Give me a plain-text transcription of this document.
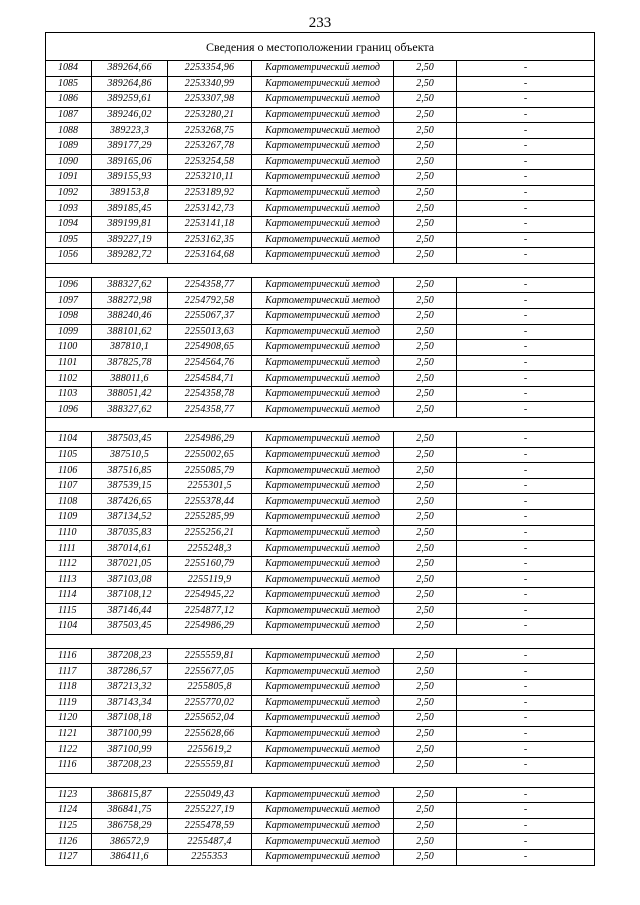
233
Сведения о местоположении границ объекта					
1084	389264,66	2253354,96	Картометрический метод	2,50	-
1085	389264,86	2253340,99	Картометрический метод	2,50	-
1086	389259,61	2253307,98	Картометрический метод	2,50	-
1087	389246,02	2253280,21	Картометрический метод	2,50	-
1088	389223,3	2253268,75	Картометрический метод	2,50	-
1089	389177,29	2253267,78	Картометрический метод	2,50	-
1090	389165,06	2253254,58	Картометрический метод	2,50	-
1091	389155,93	2253210,11	Картометрический метод	2,50	-
1092	389153,8	2253189,92	Картометрический метод	2,50	-
1093	389185,45	2253142,73	Картометрический метод	2,50	-
1094	389199,81	2253141,18	Картометрический метод	2,50	-
1095	389227,19	2253162,35	Картометрический метод	2,50	-
1056	389282,72	2253164,68	Картометрический метод	2,50	-

1096	388327,62	2254358,77	Картометрический метод	2,50	-
1097	388272,98	2254792,58	Картометрический метод	2,50	-
1098	388240,46	2255067,37	Картометрический метод	2,50	-
1099	388101,62	2255013,63	Картометрический метод	2,50	-
1100	387810,1	2254908,65	Картометрический метод	2,50	-
1101	387825,78	2254564,76	Картометрический метод	2,50	-
1102	388011,6	2254584,71	Картометрический метод	2,50	-
1103	388051,42	2254358,78	Картометрический метод	2,50	-
1096	388327,62	2254358,77	Картометрический метод	2,50	-

1104	387503,45	2254986,29	Картометрический метод	2,50	-
1105	387510,5	2255002,65	Картометрический метод	2,50	-
1106	387516,85	2255085,79	Картометрический метод	2,50	-
1107	387539,15	2255301,5	Картометрический метод	2,50	-
1108	387426,65	2255378,44	Картометрический метод	2,50	-
1109	387134,52	2255285,99	Картометрический метод	2,50	-
1110	387035,83	2255256,21	Картометрический метод	2,50	-
1111	387014,61	2255248,3	Картометрический метод	2,50	-
1112	387021,05	2255160,79	Картометрический метод	2,50	-
1113	387103,08	2255119,9	Картометрический метод	2,50	-
1114	387108,12	2254945,22	Картометрический метод	2,50	-
1115	387146,44	2254877,12	Картометрический метод	2,50	-
1104	387503,45	2254986,29	Картометрический метод	2,50	-

1116	387208,23	2255559,81	Картометрический метод	2,50	-
1117	387286,57	2255677,05	Картометрический метод	2,50	-
1118	387213,32	2255805,8	Картометрический метод	2,50	-
1119	387143,34	2255770,02	Картометрический метод	2,50	-
1120	387108,18	2255652,04	Картометрический метод	2,50	-
1121	387100,99	2255628,66	Картометрический метод	2,50	-
1122	387100,99	2255619,2	Картометрический метод	2,50	-
1116	387208,23	2255559,81	Картометрический метод	2,50	-

1123	386815,87	2255049,43	Картометрический метод	2,50	-
1124	386841,75	2255227,19	Картометрический метод	2,50	-
1125	386758,29	2255478,59	Картометрический метод	2,50	-
1126	386572,9	2255487,4	Картометрический метод	2,50	-
1127	386411,6	2255353	Картометрический метод	2,50	-
